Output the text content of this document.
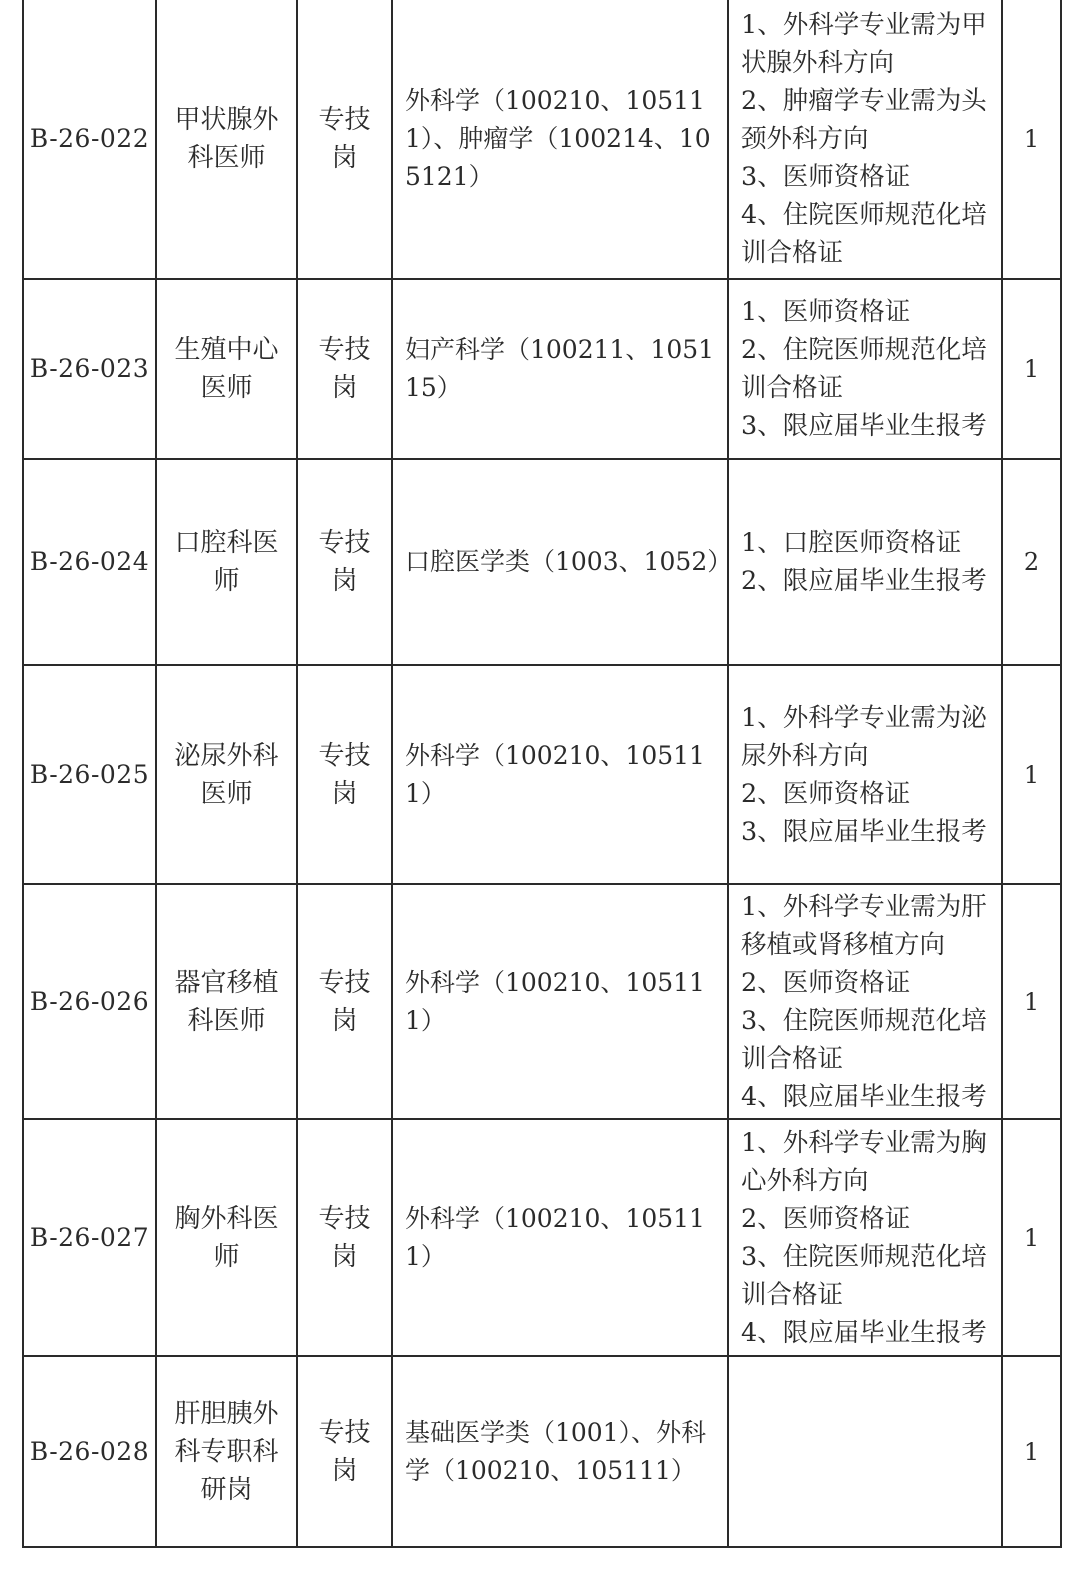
B-26-022	甲状腺外科医师	专技岗	外科学（100210、105111）、肿瘤学（100214、105121）	1、外科学专业需为甲状腺外科方向
2、肿瘤学专业需为头颈外科方向
3、医师资格证
4、住院医师规范化培训合格证	1
B-26-023	生殖中心医师	专技岗	妇产科学（100211、105115）	1、医师资格证
2、住院医师规范化培训合格证
3、限应届毕业生报考	1
B-26-024	口腔科医师	专技岗	口腔医学类（1003、1052）	1、口腔医师资格证
2、限应届毕业生报考	2
B-26-025	泌尿外科医师	专技岗	外科学（100210、105111）	1、外科学专业需为泌尿外科方向
2、医师资格证
3、限应届毕业生报考	1
B-26-026	器官移植科医师	专技岗	外科学（100210、105111）	1、外科学专业需为肝移植或肾移植方向
2、医师资格证
3、住院医师规范化培训合格证
4、限应届毕业生报考	1
B-26-027	胸外科医师	专技岗	外科学（100210、105111）	1、外科学专业需为胸心外科方向
2、医师资格证
3、住院医师规范化培训合格证
4、限应届毕业生报考	1
B-26-028	肝胆胰外科专职科研岗	专技岗	基础医学类（1001）、外科学（100210、105111）		1
